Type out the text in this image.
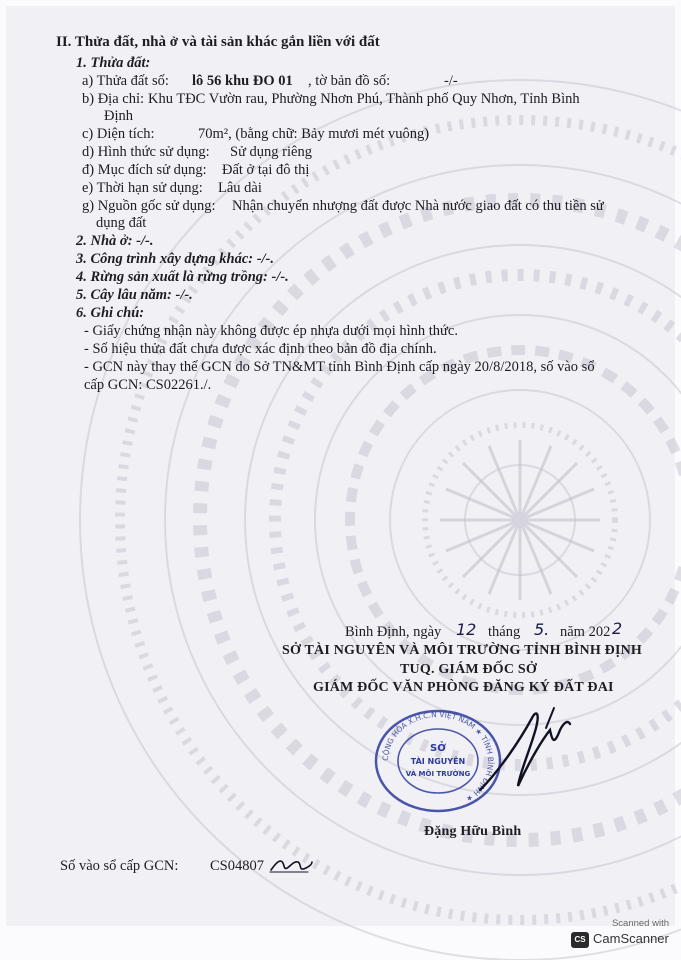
II. Thửa đất, nhà ở và tài sản khác gắn liền với đất
1. Thửa đất:
a) Thửa đất số: lô 56 khu ĐO 01 , tờ bản đồ số:	-/-
b) Địa chỉ: Khu TĐC Vườn rau, Phường Nhơn Phú, Thành phố Quy Nhơn, Tỉnh Bình
Định
c) Diện tích:	70m², (bằng chữ: Bảy mươi mét vuông)
d) Hình thức sử dụng: Sử dụng riêng
đ) Mục đích sử dụng: Đất ở tại đô thị
e) Thời hạn sử dụng: Lâu dài
g) Nguồn gốc sử dụng: Nhận chuyển nhượng đất được Nhà nước giao đất có thu tiền sử
dụng đất
2. Nhà ở: -/-.
3. Công trình xây dựng khác: -/-.
4. Rừng sản xuất là rừng trồng: -/-.
5. Cây lâu năm: -/-.
6. Ghi chú:
- Giấy chứng nhận này không được ép nhựa dưới mọi hình thức.
- Số hiệu thửa đất chưa được xác định theo bản đồ địa chính.
- GCN này thay thế GCN do Sở TN&MT tỉnh Bình Định cấp ngày 20/8/2018, số vào sổ
cấp GCN: CS02261./.
Bình Định, ngày 12 tháng 5. năm 202 2
SỞ TÀI NGUYÊN VÀ MÔI TRƯỜNG TỈNH BÌNH ĐỊNH
TUQ. GIÁM ĐỐC SỞ
GIÁM ĐỐC VĂN PHÒNG ĐĂNG KÝ ĐẤT ĐAI
CỘNG HÒA X.H.C.N VIỆT NAM ★ TỈNH BÌNH ĐỊNH ★
SỞ
TÀI NGUYÊN
VÀ MÔI TRƯỜNG
Đặng Hữu Bình
Số vào sổ cấp GCN: CS04807
Scanned with
CS CamScanner
